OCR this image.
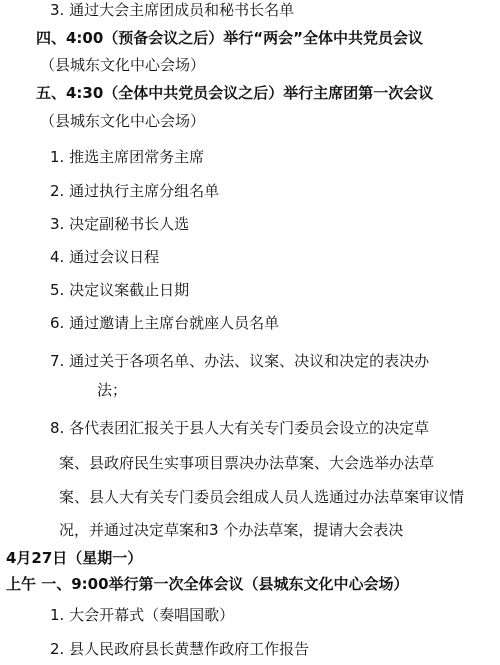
3. 通过大会主席团成员和秘书长名单
四、4:00（预备会议之后）举行“两会”全体中共党员会议
（县城东文化中心会场）
五、4:30（全体中共党员会议之后）举行主席团第一次会议
（县城东文化中心会场）
1. 推选主席团常务主席
2. 通过执行主席分组名单
3. 决定副秘书长人选
4. 通过会议日程
5. 决定议案截止日期
6. 通过邀请上主席台就座人员名单
7. 通过关于各项名单、办法、议案、决议和决定的表决办
法；
8. 各代表团汇报关于县人大有关专门委员会设立的决定草
案、县政府民生实事项目票决办法草案、大会选举办法草
案、县人大有关专门委员会组成人员人选通过办法草案审议情
况，并通过决定草案和3 个办法草案，提请大会表决
4月27日（星期一）
上午 一、9:00举行第一次全体会议（县城东文化中心会场）
1. 大会开幕式（奏唱国歌）
2. 县人民政府县长黄慧作政府工作报告
